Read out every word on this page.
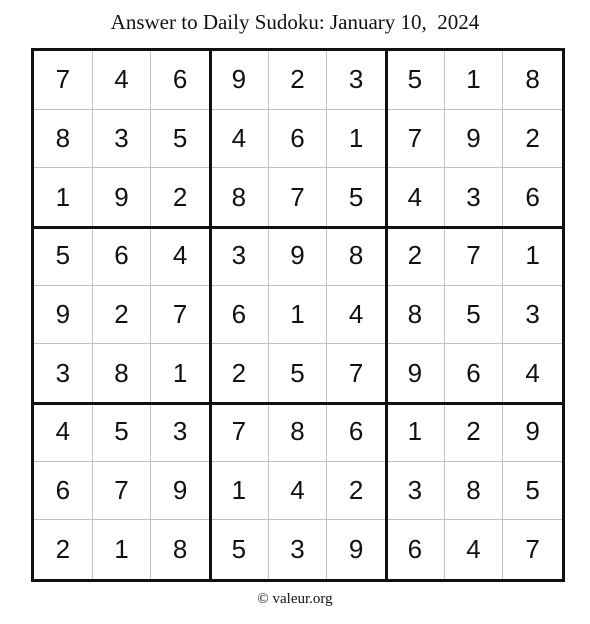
Answer to Daily Sudoku: January 10,  2024
7	4	6	9	2	3	5	1	8
8	3	5	4	6	1	7	9	2
1	9	2	8	7	5	4	3	6
5	6	4	3	9	8	2	7	1
9	2	7	6	1	4	8	5	3
3	8	1	2	5	7	9	6	4
4	5	3	7	8	6	1	2	9
6	7	9	1	4	2	3	8	5
2	1	8	5	3	9	6	4	7
© valeur.org
